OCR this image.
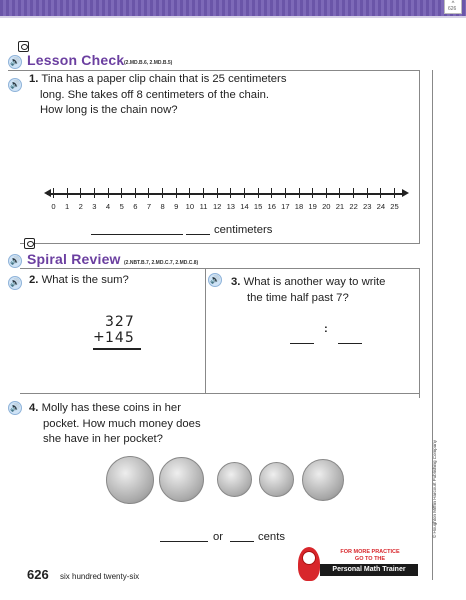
^
626
🔊 Lesson Check (2.MD.B.6, 2.MD.B.5)
🔊 1. Tina has a paper clip chain that is 25 centimeters
long. She takes off 8 centimeters of the chain.
How long is the chain now?
0 1 2 3 4 5 6 7 8 9 10 11 12 13 14 15 16 17 18 19 20 21 22 23 24 25
centimeters
🔊 Spiral Review (2.NBT.B.7, 2.MD.C.7, 2.MD.C.8)
🔊 2. What is the sum?
327
+ 145
🔊 3. What is another way to write
the time half past 7?
:
🔊 4. Molly has these coins in her
pocket. How much money does
she have in her pocket?
or	cents	© Houghton Mifflin Harcourt Publishing Company
626 six hundred twenty-six
FOR MORE PRACTICE
GO TO THE
Personal Math Trainer
